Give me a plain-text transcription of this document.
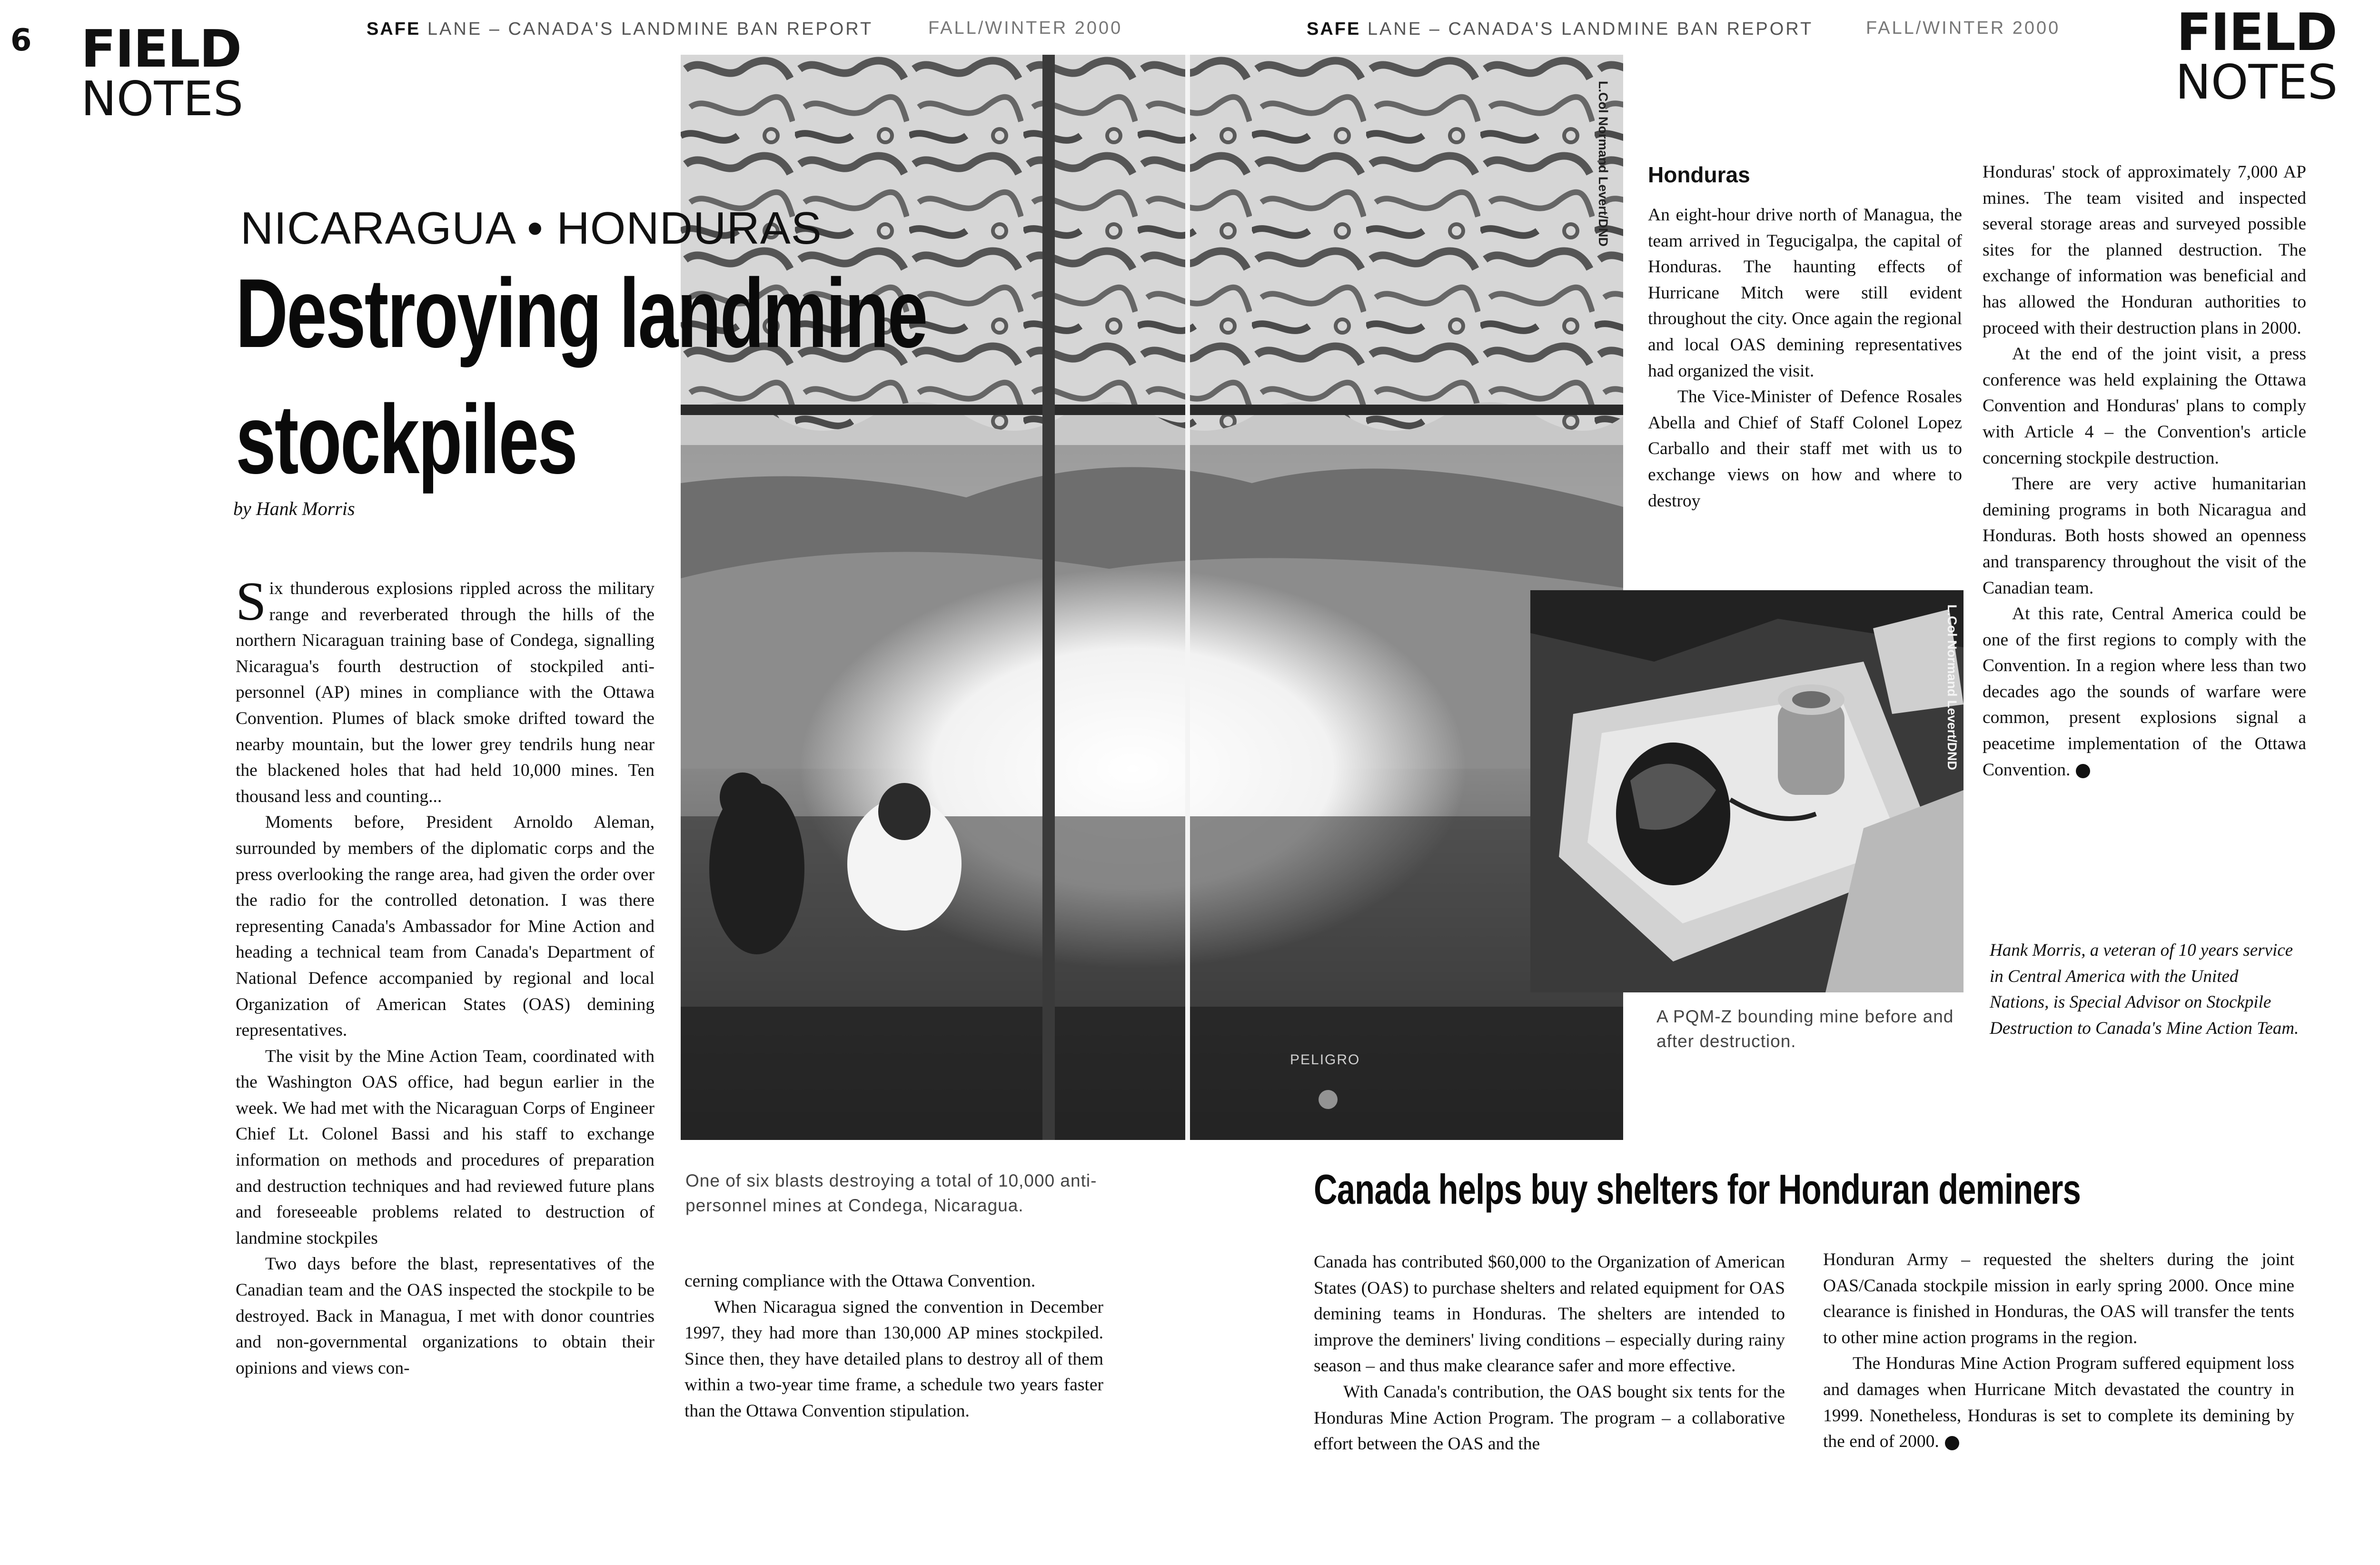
6 FIELD
NOTES
SAFE LANE – CANADA'S LANDMINE BAN REPORT	FALL/WINTER 2000	SAFE LANE – CANADA'S LANDMINE BAN REPORT	FALL/WINTER 2000 FIELD
NOTES
PELIGRO
L.Col Normand Levert/DND
NICARAGUA • HONDURAS
Destroying landmine
stockpiles
by Hank Morris

Six thunderous explosions rippled across the military range and reverberated through the hills of the northern Nicaraguan training base of Condega, signalling Nicaragua's fourth destruction of stockpiled anti-personnel (AP) mines in compliance with the Ottawa Convention. Plumes of black smoke drifted toward the nearby mountain, but the lower grey tendrils hung near the blackened holes that had held 10,000 mines. Ten thousand less and counting...

Moments before, President Arnoldo Aleman, surrounded by members of the diplomatic corps and the press overlooking the range area, had given the order over the radio for the controlled detonation. I was there representing Canada's Ambassador for Mine Action and heading a technical team from Canada's Department of National Defence accompanied by regional and local Organization of American States (OAS) demining representatives.

The visit by the Mine Action Team, coordinated with the Washington OAS office, had begun earlier in the week. We had met with the Nicaraguan Corps of Engineer Chief Lt. Colonel Bassi and his staff to exchange information on methods and procedures of preparation and destruction techniques and had reviewed future plans and foreseeable problems related to destruction of landmine stockpiles

Two days before the blast, representatives of the Canadian team and the OAS inspected the stockpile to be destroyed. Back in Managua, I met with donor countries and non-governmental organizations to obtain their opinions and views con-

One of six blasts destroying a total of 10,000 anti-personnel mines at Condega, Nicaragua.

cerning compliance with the Ottawa Convention.

When Nicaragua signed the convention in December 1997, they had more than 130,000 AP mines stockpiled. Since then, they have detailed plans to destroy all of them within a two-year time frame, a schedule two years faster than the Ottawa Convention stipulation.

Honduras

An eight-hour drive north of Managua, the team arrived in Tegucigalpa, the capital of Honduras. The haunting effects of Hurricane Mitch were still evident throughout the city. Once again the regional and local OAS demining representatives had organized the visit.

The Vice-Minister of Defence Rosales Abella and Chief of Staff Colonel Lopez Carballo and their staff met with us to exchange views on how and where to destroy

L.Col Normand Levert/DND
A PQM-Z bounding mine before and after destruction.

Honduras' stock of approximately 7,000 AP mines. The team visited and inspected several storage areas and surveyed possible sites for the planned destruction. The exchange of information was beneficial and has allowed the Honduran authorities to proceed with their destruction plans in 2000.

At the end of the joint visit, a press conference was held explaining the Ottawa Convention and Honduras' plans to comply with Article 4 – the Convention's article concerning stockpile destruction.

There are very active humanitarian demining programs in both Nicaragua and Honduras. Both hosts showed an openness and transparency throughout the visit of the Canadian team.

At this rate, Central America could be one of the first regions to comply with the Convention. In a region where less than two decades ago the sounds of warfare were common, present explosions signal a peacetime implementation of the Ottawa Convention.

Hank Morris, a veteran of 10 years service in Central America with the United Nations, is Special Advisor on Stockpile Destruction to Canada's Mine Action Team.
Canada helps buy shelters for Honduran deminers

Canada has contributed $60,000 to the Organization of American States (OAS) to purchase shelters and related equipment for OAS demining teams in Honduras. The shelters are intended to improve the deminers' living conditions – especially during rainy season – and thus make clearance safer and more effective.

With Canada's contribution, the OAS bought six tents for the Honduras Mine Action Program. The program – a collaborative effort between the OAS and the

Honduran Army – requested the shelters during the joint OAS/Canada stockpile mission in early spring 2000. Once mine clearance is finished in Honduras, the OAS will transfer the tents to other mine action programs in the region.

The Honduras Mine Action Program suffered equipment loss and damages when Hurricane Mitch devastated the country in 1999. Nonetheless, Honduras is set to complete its demining by the end of 2000.
